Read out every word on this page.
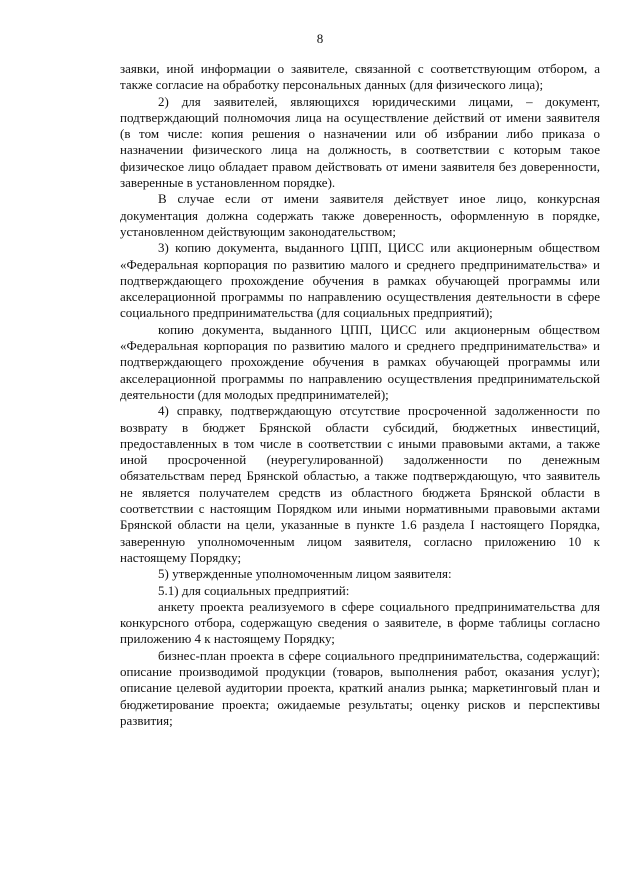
8

заявки, иной информации о заявителе, связанной с соответствующим отбором, а также согласие на обработку персональных данных (для физического лица);

2) для заявителей, являющихся юридическими лицами, – документ, подтверждающий полномочия лица на осуществление действий от имени заявителя (в том числе: копия решения о назначении или об избрании либо приказа о назначении физического лица на должность, в соответствии с которым такое физическое лицо обладает правом действовать от имени заявителя без доверенности, заверенные в установленном порядке).

В случае если от имени заявителя действует иное лицо, конкурсная документация должна содержать также доверенность, оформленную в порядке, установленном действующим законодательством;

3) копию документа, выданного ЦПП, ЦИСС или акционерным обществом «Федеральная корпорация по развитию малого и среднего предпринимательства» и подтверждающего прохождение обучения в рамках обучающей программы или акселерационной программы по направлению осуществления деятельности в сфере социального предпринимательства (для социальных предприятий);

копию документа, выданного ЦПП, ЦИСС или акционерным обществом «Федеральная корпорация по развитию малого и среднего предпринимательства» и подтверждающего прохождение обучения в рамках обучающей программы или акселерационной программы по направлению осуществления предпринимательской деятельности (для молодых предпринимателей);

4) справку, подтверждающую отсутствие просроченной задолженности по возврату в бюджет Брянской области субсидий, бюджетных инвестиций, предоставленных в том числе в соответствии с иными правовыми актами, а также иной просроченной (неурегулированной) задолженности по денежным обязательствам перед Брянской областью, а также подтверждающую, что заявитель не является получателем средств из областного бюджета Брянской области в соответствии с настоящим Порядком или иными нормативными правовыми актами Брянской области на цели, указанные в пункте 1.6 раздела I настоящего Порядка, заверенную уполномоченным лицом заявителя, согласно приложению 10 к настоящему Порядку;

5) утвержденные уполномоченным лицом заявителя:

5.1) для социальных предприятий:

анкету проекта реализуемого в сфере социального предпринимательства для конкурсного отбора, содержащую сведения о заявителе, в форме таблицы согласно приложению 4 к настоящему Порядку;

бизнес-план проекта в сфере социального предпринимательства, содержащий: описание производимой продукции (товаров, выполнения работ, оказания услуг); описание целевой аудитории проекта, краткий анализ рынка; маркетинговый план и бюджетирование проекта; ожидаемые результаты; оценку рисков и перспективы развития;
